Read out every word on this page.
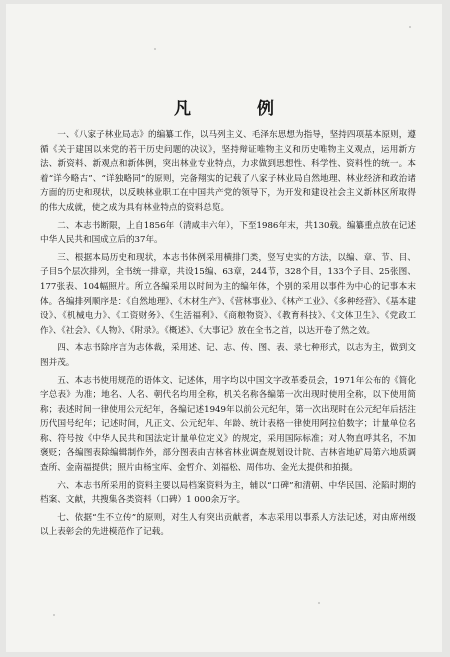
凡 例

一、《八家子林业局志》的编纂工作，以马列主义、毛泽东思想为指导，坚持四项基本原则，遵循《关于建国以来党的若干历史问题的决议》，坚持辩证唯物主义和历史唯物主义观点，运用新方法、新资料、新观点和新体例，突出林业专业特点，力求做到思想性、科学性、资料性的统一。本着“详今略古”、“详独略同”的原则，完备翔实的记载了八家子林业局自然地理、林业经济和政治诸方面的历史和现状，以反映林业职工在中国共产党的领导下，为开发和建设社会主义新林区所取得的伟大成就，使之成为具有林业特点的资料总览。

二、本志书断限，上自1856年（清咸丰六年），下至1986年末，共130载。编纂重点放在记述中华人民共和国成立后的37年。

三、根据本局历史和现状，本志书体例采用横排门类，竖写史实的方法，以编、章、节、目、子目5个层次排列，全书统一排章，共设15编、63章，244节，328个目，133个子目、25张图、177张表、104幅照片。所立各编采用以时间为主的编年体，个别的采用以事件为中心的记事本末体。各编排列顺序是：《自然地理》、《木材生产》、《营林事业》、《林产工业》、《多种经营》、《基本建设》、《机械电力》、《工资财务》、《生活福利》、《商粮物资》、《教育科技》、《文体卫生》、《党政工作》、《社会》、《人物》、《附录》。《概述》、《大事记》放在全书之首，以达开卷了然之效。

四、本志书除序言为志体裁，采用述、记、志、传、图、表、录七种形式，以志为主，做到文图并茂。

五、本志书使用规范的语体文、记述体，用字均以中国文字改革委员会，1971年公布的《简化字总表》为准；地名、人名、朝代名均用全称，机关名称各编第一次出现时使用全称，以下使用简称；表述时间一律使用公元纪年，各编记述1949年以前公元纪年，第一次出现时在公元纪年后括注历代国号纪年；记述时间，凡正文、公元纪年、年龄、统计表格一律使用阿拉伯数字；计量单位名称、符号按《中华人民共和国法定计量单位定义》的规定，采用国际标准；对人物直呼其名，不加褒贬；各编图表除编辑制作外，部分图表由吉林省林业调查规划设计院、吉林省地矿局第六地质调查所、金南福提供；照片由杨宝库、金哲介、刘福松、周伟功、金光太提供和拍摄。

六、本志书所采用的资料主要以局档案资料为主，辅以“口碑”和清朝、中华民国、沦陷时期的档案、文献，共搜集各类资料（口碑）1 000余万字。

七、依据“生不立传”的原则，对生人有突出贡献者，本志采用以事系人方法记述，对由席州级以上表彰会的先进模范作了记载。
